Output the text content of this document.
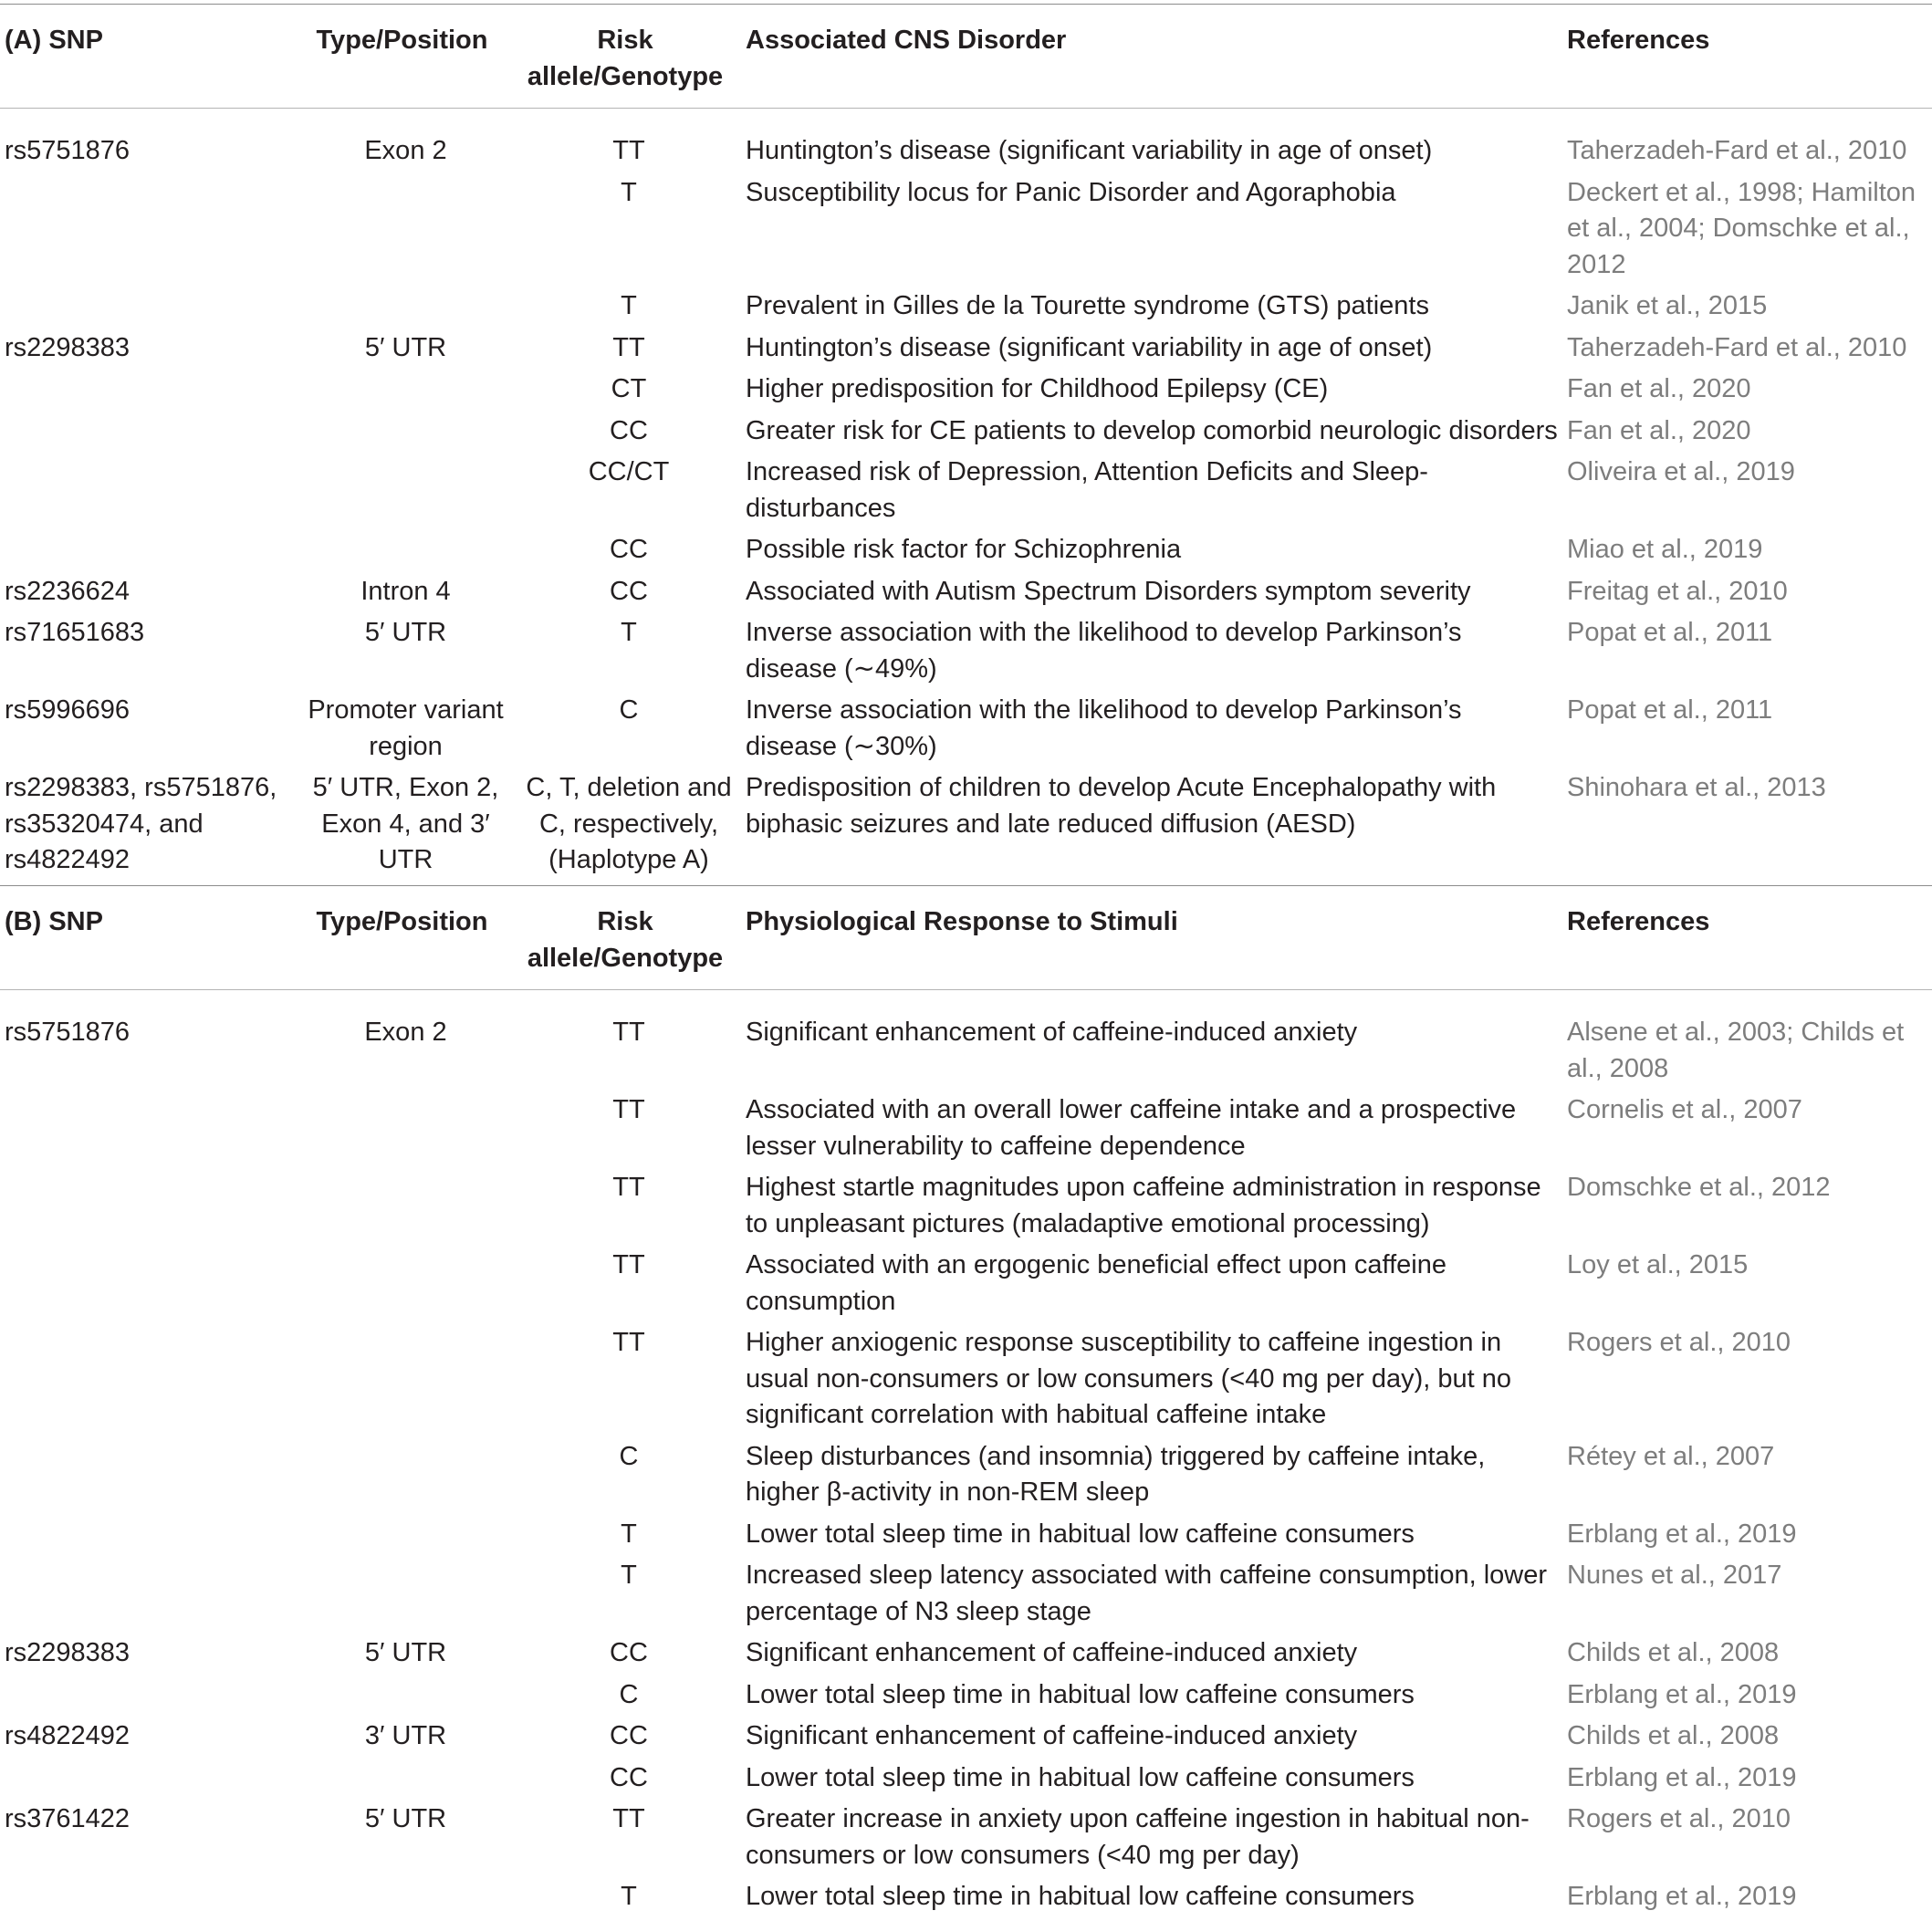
(A) SNP	Type/Position	Risk allele/Genotype	Associated CNS Disorder	References
rs5751876	Exon 2	TT	Huntington’s disease (significant variability in age of onset)	Taherzadeh-Fard et al., 2010
		T	Susceptibility locus for Panic Disorder and Agoraphobia	Deckert et al., 1998; Hamilton et al., 2004; Domschke et al., 2012
		T	Prevalent in Gilles de la Tourette syndrome (GTS) patients	Janik et al., 2015
rs2298383	5′ UTR	TT	Huntington’s disease (significant variability in age of onset)	Taherzadeh-Fard et al., 2010
		CT	Higher predisposition for Childhood Epilepsy (CE)	Fan et al., 2020
		CC	Greater risk for CE patients to develop comorbid neurologic disorders	Fan et al., 2020
		CC/CT	Increased risk of Depression, Attention Deficits and Sleep-disturbances	Oliveira et al., 2019
		CC	Possible risk factor for Schizophrenia	Miao et al., 2019
rs2236624	Intron 4	CC	Associated with Autism Spectrum Disorders symptom severity	Freitag et al., 2010
rs71651683	5′ UTR	T	Inverse association with the likelihood to develop Parkinson’s disease (∼49%)	Popat et al., 2011
rs5996696	Promoter variant region	C	Inverse association with the likelihood to develop Parkinson’s disease (∼30%)	Popat et al., 2011
rs2298383, rs5751876, rs35320474, and rs4822492	5′ UTR, Exon 2, Exon 4, and 3′ UTR	C, T, deletion and C, respectively, (Haplotype A)	Predisposition of children to develop Acute Encephalopathy with biphasic seizures and late reduced diffusion (AESD)	Shinohara et al., 2013
(B) SNP	Type/Position	Risk allele/Genotype	Physiological Response to Stimuli	References
rs5751876	Exon 2	TT	Significant enhancement of caffeine-induced anxiety	Alsene et al., 2003; Childs et al., 2008
		TT	Associated with an overall lower caffeine intake and a prospective lesser vulnerability to caffeine dependence	Cornelis et al., 2007
		TT	Highest startle magnitudes upon caffeine administration in response to unpleasant pictures (maladaptive emotional processing)	Domschke et al., 2012
		TT	Associated with an ergogenic beneficial effect upon caffeine consumption	Loy et al., 2015
		TT	Higher anxiogenic response susceptibility to caffeine ingestion in usual non-consumers or low consumers (<40 mg per day), but no significant correlation with habitual caffeine intake	Rogers et al., 2010
		C	Sleep disturbances (and insomnia) triggered by caffeine intake, higher β-activity in non-REM sleep	Rétey et al., 2007
		T	Lower total sleep time in habitual low caffeine consumers	Erblang et al., 2019
		T	Increased sleep latency associated with caffeine consumption, lower percentage of N3 sleep stage	Nunes et al., 2017
rs2298383	5′ UTR	CC	Significant enhancement of caffeine-induced anxiety	Childs et al., 2008
		C	Lower total sleep time in habitual low caffeine consumers	Erblang et al., 2019
rs4822492	3′ UTR	CC	Significant enhancement of caffeine-induced anxiety	Childs et al., 2008
		CC	Lower total sleep time in habitual low caffeine consumers	Erblang et al., 2019
rs3761422	5′ UTR	TT	Greater increase in anxiety upon caffeine ingestion in habitual non-consumers or low consumers (<40 mg per day)	Rogers et al., 2010
		T	Lower total sleep time in habitual low caffeine consumers	Erblang et al., 2019
